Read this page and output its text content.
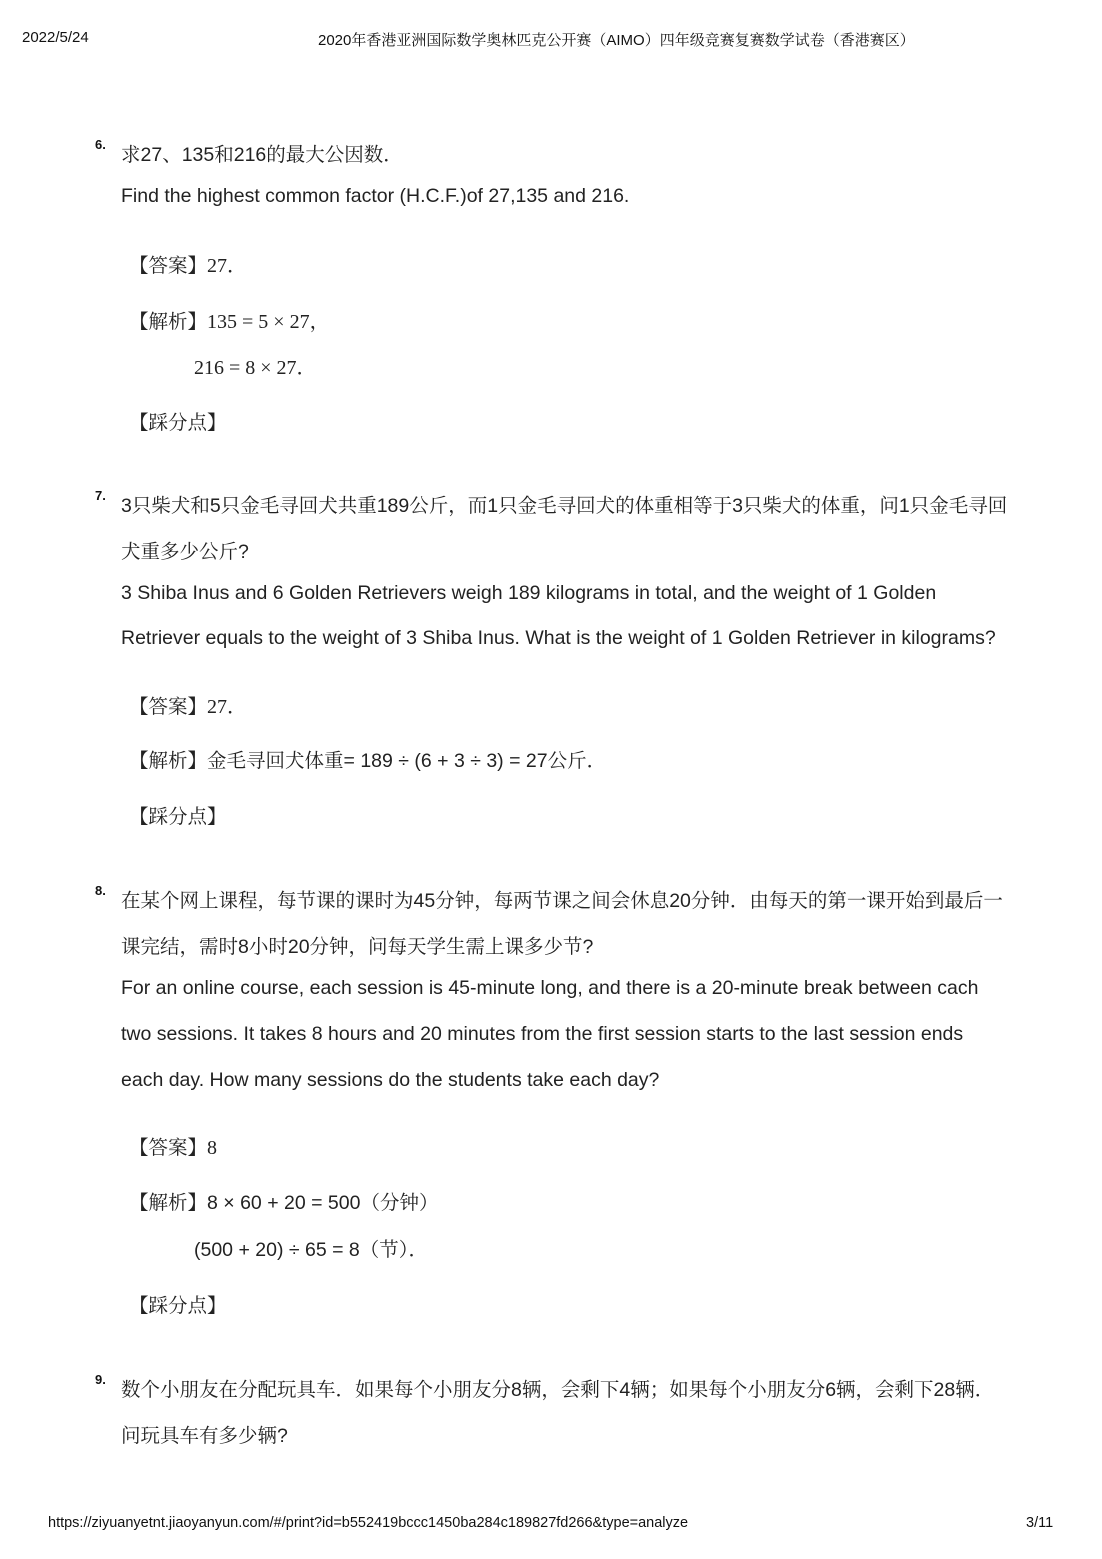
2022/5/24	2020年香港亚洲国际数学奥林匹克公开赛（AIMO）四年级竞赛复赛数学试卷（香港赛区）
6. 求27、135和216的最大公因数．
Find the highest common factor (H.C.F.)of 27,135 and 216.
【答案】27．
【解析】135 = 5 × 27，
216 = 8 × 27．
【踩分点】
7. 3只柴犬和5只金毛寻回犬共重189公斤，而1只金毛寻回犬的体重相等于3只柴犬的体重，问1只金毛寻回
犬重多少公斤?
3 Shiba Inus and 6 Golden Retrievers weigh 189 kilograms in total, and the weight of 1 Golden
Retriever equals to the weight of 3 Shiba Inus. What is the weight of 1 Golden Retriever in kilograms?
【答案】27．
【解析】金毛寻回犬体重= 189 ÷ (6 + 3 ÷ 3) = 27公斤．
【踩分点】
8. 在某个网上课程，每节课的课时为45分钟，每两节课之间会休息20分钟．由每天的第一课开始到最后一
课完结，需时8小时20分钟，问每天学生需上课多少节?
For an online course, each session is 45-minute long, and there is a 20-minute break between cach
two sessions. It takes 8 hours and 20 minutes from the first session starts to the last session ends
each day. How many sessions do the students take each day?
【答案】8
【解析】8 × 60 + 20 = 500（分钟）
(500 + 20) ÷ 65 = 8（节）．
【踩分点】
9. 数个小朋友在分配玩具车．如果每个小朋友分8辆，会剩下4辆；如果每个小朋友分6辆，会剩下28辆．
问玩具车有多少辆?
https://ziyuanyetnt.jiaoyanyun.com/#/print?id=b552419bccc1450ba284c189827fd266&type=analyze	3/11
